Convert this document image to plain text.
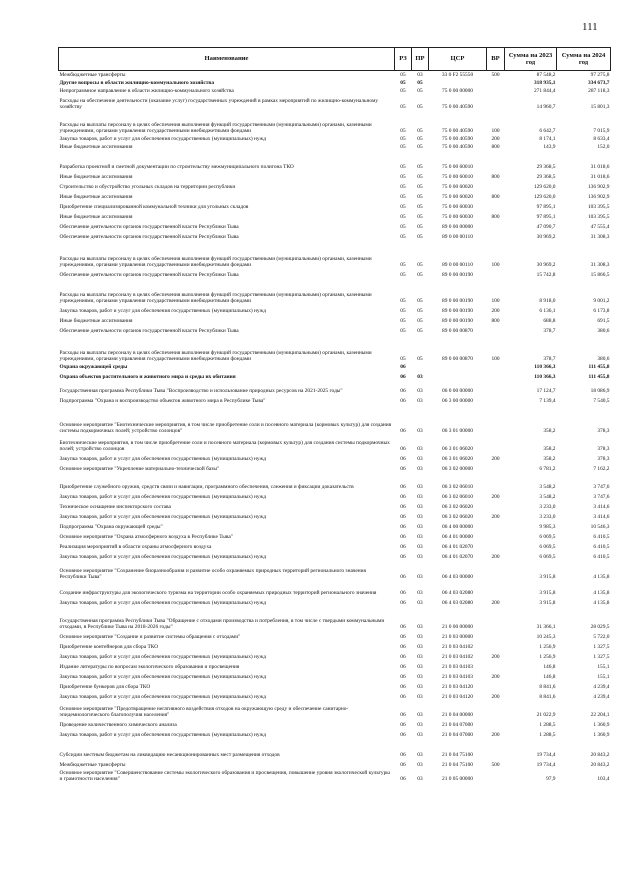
111
Наименование	РЗ	ПР	ЦСР	ВР	Сумма на 2023 год	Сумма на 2024 год
Межбюджетные трансферты	05	03	33 0 F2 55550	500	87 548,2	97 275,8
Другие вопросы в области жилищно-коммунального хозяйства	05	05			318 935,1	334 673,7
Непрограммное направление в области жилищно-коммунального хозяйства	05	05	75 0 00 00000		271 844,4	287 118,3
Расходы на обеспечение деятельности (оказание услуг) государственных учреждений в рамках мероприятий по жилищно-коммунальному хозяйству	05	05	75 0 00 40590		14 960,7	15 801,3
Расходы на выплаты персоналу в целях обеспечения выполнения функций государственными (муниципальными) органами, казенными учреждениями, органами управления государственными внебюджетными фондами	05	05	75 0 00 40590	100	6 642,7	7 015,9
Закупка товаров, работ и услуг для обеспечения государственных (муниципальных) нужд	05	05	75 0 00 40590	200	8 174,1	8 633,4
Иные бюджетные ассигнования	05	05	75 0 00 40590	800	143,9	152,0
Разработка проектной и сметной документации по строительству межмуниципального полигона ТКО	05	05	75 0 00 60010		29 368,5	31 018,6
Иные бюджетные ассигнования	05	05	75 0 00 60010	800	29 368,5	31 018,6
Строительство и обустройство угольных складов на территории республики	05	05	75 0 00 60020		129 620,0	136 902,9
Иные бюджетные ассигнования	05	05	75 0 00 60020	800	129 620,0	136 902,9
Приобретение специализированной коммунальной техники для угольных складов	05	05	75 0 00 60030		97 895,1	103 395,5
Иные бюджетные ассигнования	05	05	75 0 00 60030	800	97 895,1	103 395,5
Обеспечение деятельности органов государственной власти Республики Тыва	05	05	89 0 00 00000		47 090,7	47 555,4
Обеспечение деятельности органов государственной власти Республики Тыва	05	05	89 0 00 00110		30 969,2	31 308,3
Расходы на выплаты персоналу в целях обеспечения выполнения функций государственными (муниципальными) органами, казенными учреждениями, органами управления государственными внебюджетными фондами	05	05	89 0 00 00110	100	30 969,2	31 308,3
Обеспечение деятельности органов государственной власти Республики Тыва	05	05	89 0 00 00190		15 742,8	15 866,5
Расходы на выплаты персоналу в целях обеспечения выполнения функций государственными (муниципальными) органами, казенными учреждениями, органами управления государственными внебюджетными фондами	05	05	89 0 00 00190	100	8 918,0	9 001,2
Закупка товаров, работ и услуг для обеспечения государственных (муниципальных) нужд	05	05	89 0 00 00190	200	6 136,1	6 173,8
Иные бюджетные ассигнования	05	05	89 0 00 00190	800	688,8	691,5
Обеспечение деятельности органов государственной власти Республики Тыва	05	05	89 0 00 00870		378,7	380,6
Расходы на выплаты персоналу в целях обеспечения выполнения функций государственными (муниципальными) органами, казенными учреждениями, органами управления государственными внебюджетными фондами	05	05	89 0 00 00870	100	378,7	380,6
Охрана окружающей среды	06				110 366,3	111 455,8
Охрана объектов растительного и животного мира и среды их обитания	06	03			110 366,3	111 455,8
Государственная программа Республики Тыва "Воспроизводство и использование природных ресурсов на 2021-2025 годы"	06	03	06 0 00 00000		17 124,7	18 086,9
Подпрограмма "Охрана и воспроизводство объектов животного мира в Республике Тыва"	06	03	06 3 00 00000		7 139,4	7 540,5
Основное мероприятие "Биотехнические мероприятия, в том числе приобретение соли и посевного материала (кормовых культур) для создания системы подкормочных полей; устройство солонцов"	06	03	06 3 01 00000		358,2	378,3
Биотехнические мероприятия, в том числе приобретение соли и посевного материала (кормовых культур) для создания системы подкормочных полей; устройство солонцов	06	03	06 3 01 06020		358,2	378,3
Закупка товаров, работ и услуг для обеспечения государственных (муниципальных) нужд	06	03	06 3 01 06020	200	358,2	378,3
Основное мероприятие "Укрепление материально-технической базы"	06	03	06 3 02 00000		6 781,2	7 162,2
Приобретение служебного оружия, средств связи и навигации, программного обеспечения, слежения и фиксации доказательств	06	03	06 3 02 06010		3 548,2	3 747,6
Закупка товаров, работ и услуг для обеспечения государственных (муниципальных) нужд	06	03	06 3 02 06010	200	3 548,2	3 747,6
Техническое оснащение инспекторского состава	06	03	06 3 02 06020		3 233,0	3 414,6
Закупка товаров, работ и услуг для обеспечения государственных (муниципальных) нужд	06	03	06 3 02 06020	200	3 233,0	3 414,6
Подпрограмма "Охрана окружающей среды"	06	03	06 4 00 00000		9 985,3	10 546,3
Основное мероприятие "Охрана атмосферного воздуха в Республике Тыва"	06	03	06 4 01 00000		6 069,5	6 410,5
Реализация мероприятий в области охраны атмосферного воздуха	06	03	06 4 01 02070		6 069,5	6 410,5
Закупка товаров, работ и услуг для обеспечения государственных (муниципальных) нужд	06	03	06 4 01 02070	200	6 069,5	6 410,5
Основное мероприятие "Сохранение биоразнообразия и развитие особо охраняемых природных территорий регионального значения Республики Тыва"	06	03	06 4 03 00000		3 915,8	4 135,8
Создание инфраструктуры для экологического туризма на территории особо охраняемых природных территорий регионального значения	06	03	06 4 03 02080		3 915,8	4 135,8
Закупка товаров, работ и услуг для обеспечения государственных (муниципальных) нужд	06	03	06 4 03 02080	200	3 915,8	4 135,8
Государственная программа Республики Тыва "Обращение с отходами производства и потребления, в том числе с твердыми коммунальными отходами, в Республике Тыва на 2018-2026 годы"	06	03	21 0 00 00000		31 366,1	28 029,5
Основное мероприятие "Создание и развитие системы обращения с отходами"	06	03	21 0 03 00000		10 245,3	5 722,0
Приобретение контейнеров для сбора ТКО	06	03	21 0 03 04102		1 256,9	1 327,5
Закупка товаров, работ и услуг для обеспечения государственных (муниципальных) нужд	06	03	21 0 03 04102	200	1 256,9	1 327,5
Издание литературы по вопросам экологического образования и просвещения	06	03	21 0 03 04103		146,8	155,1
Закупка товаров, работ и услуг для обеспечения государственных (муниципальных) нужд	06	03	21 0 03 04103	200	146,8	155,1
Приобретение бункеров для сбора ТКО	06	03	21 0 03 04120		8 841,6	4 239,4
Закупка товаров, работ и услуг для обеспечения государственных (муниципальных) нужд	06	03	21 0 03 04120	200	8 841,6	4 239,4
Основное мероприятие "Предотвращение негативного воздействия отходов на окружающую среду и обеспечение санитарно-эпидемиологического благополучия населения"	06	03	21 0 04 00000		21 022,9	22 204,1
Проведение количественного химического анализа	06	03	21 0 04 07000		1 288,5	1 360,9
Закупка товаров, работ и услуг для обеспечения государственных (муниципальных) нужд	06	03	21 0 04 07000	200	1 288,5	1 360,9
Субсидии местным бюджетам на ликвидацию несанкционированных мест размещения отходов	06	03	21 0 04 75100		19 734,4	20 843,2
Межбюджетные трансферты	06	03	21 0 04 75100	500	19 734,4	20 843,2
Основное мероприятие "Совершенствование системы экологического образования и просвещения, повышение уровня экологической культуры и грамотности населения"	06	03	21 0 05 00000		97,9	103,4
